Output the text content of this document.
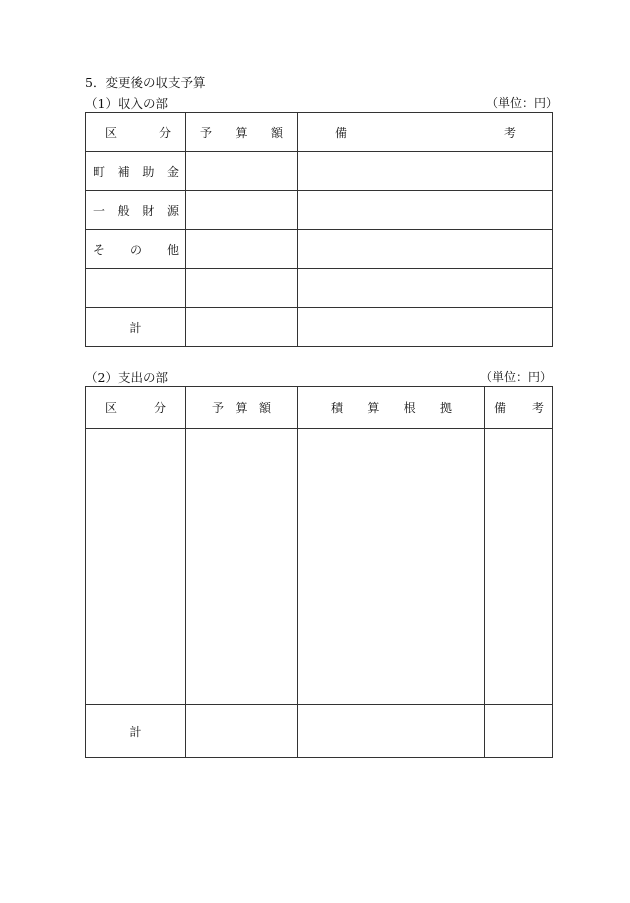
5．変更後の収支予算
（1）収入の部	（単位：円）
区 分	予 算 額	備 考

町 補 助 金		

一 般 財 源		

そ の 他		

計		
（2）支出の部	（単位：円）
区 分	予 算 額	積 算 根 拠	備 考

計			
